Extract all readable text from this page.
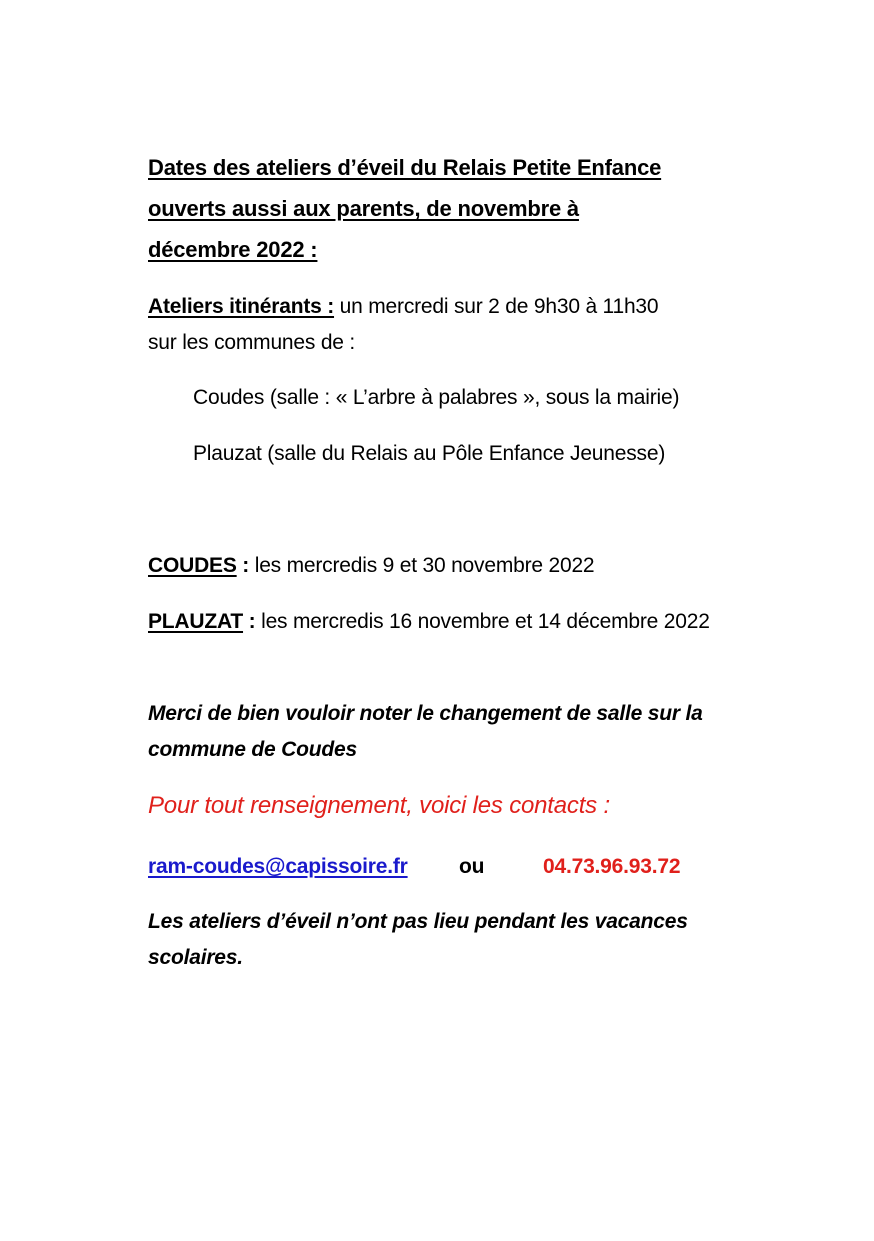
Dates des ateliers d’éveil du Relais Petite Enfance ouverts aussi aux parents, de novembre à décembre 2022 :
Ateliers itinérants : un mercredi sur 2 de 9h30 à 11h30 sur les communes de :
Coudes (salle : « L’arbre à palabres », sous la mairie)
Plauzat (salle du Relais au Pôle Enfance Jeunesse)
COUDES : les mercredis 9 et 30 novembre 2022
PLAUZAT : les mercredis 16 novembre et 14 décembre 2022
Merci de bien vouloir noter le changement de salle sur la commune de Coudes
Pour tout renseignement, voici les contacts :
ram-coudes@capissoire.fr ou	04.73.96.93.72
Les ateliers d’éveil n’ont pas lieu pendant les vacances scolaires.
